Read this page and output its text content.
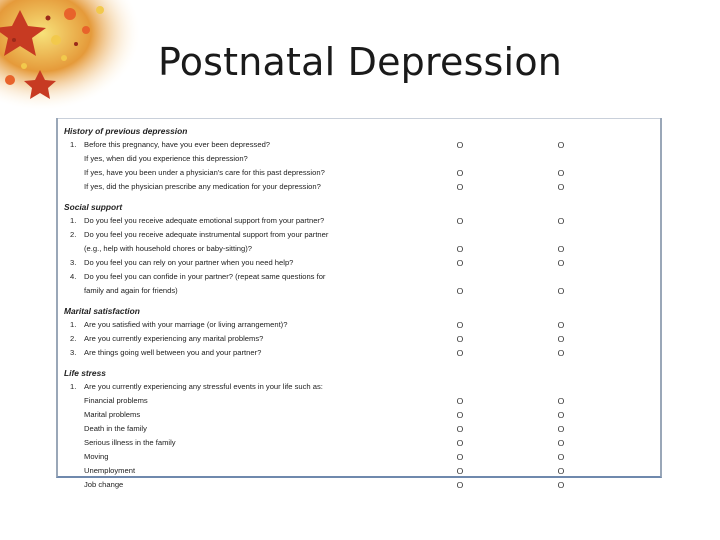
Postnatal Depression
History of previous depression
1.	Before this pregnancy, have you ever been depressed?	O	O
If yes, when did you experience this depression?
If yes, have you been under a physician's care for this past depression?	O	O
If yes, did the physician prescribe any medication for your depression?	O	O
Social support
1.	Do you feel you receive adequate emotional support from your partner?	O	O
2.	Do you feel you receive adequate instrumental support from your partner
(e.g., help with household chores or baby-sitting)?	O	O
3.	Do you feel you can rely on your partner when you need help?	O	O
4.	Do you feel you can confide in your partner? (repeat same questions for
family and again for friends)	O	O
Marital satisfaction
1.	Are you satisfied with your marriage (or living arrangement)?	O	O
2.	Are you currently experiencing any marital problems?	O	O
3.	Are things going well between you and your partner?	O	O
Life stress
1.	Are you currently experiencing any stressful events in your life such as:
Financial problems	O	O
Marital problems	O	O
Death in the family	O	O
Serious illness in the family	O	O
Moving	O	O
Unemployment	O	O
Job change	O	O
